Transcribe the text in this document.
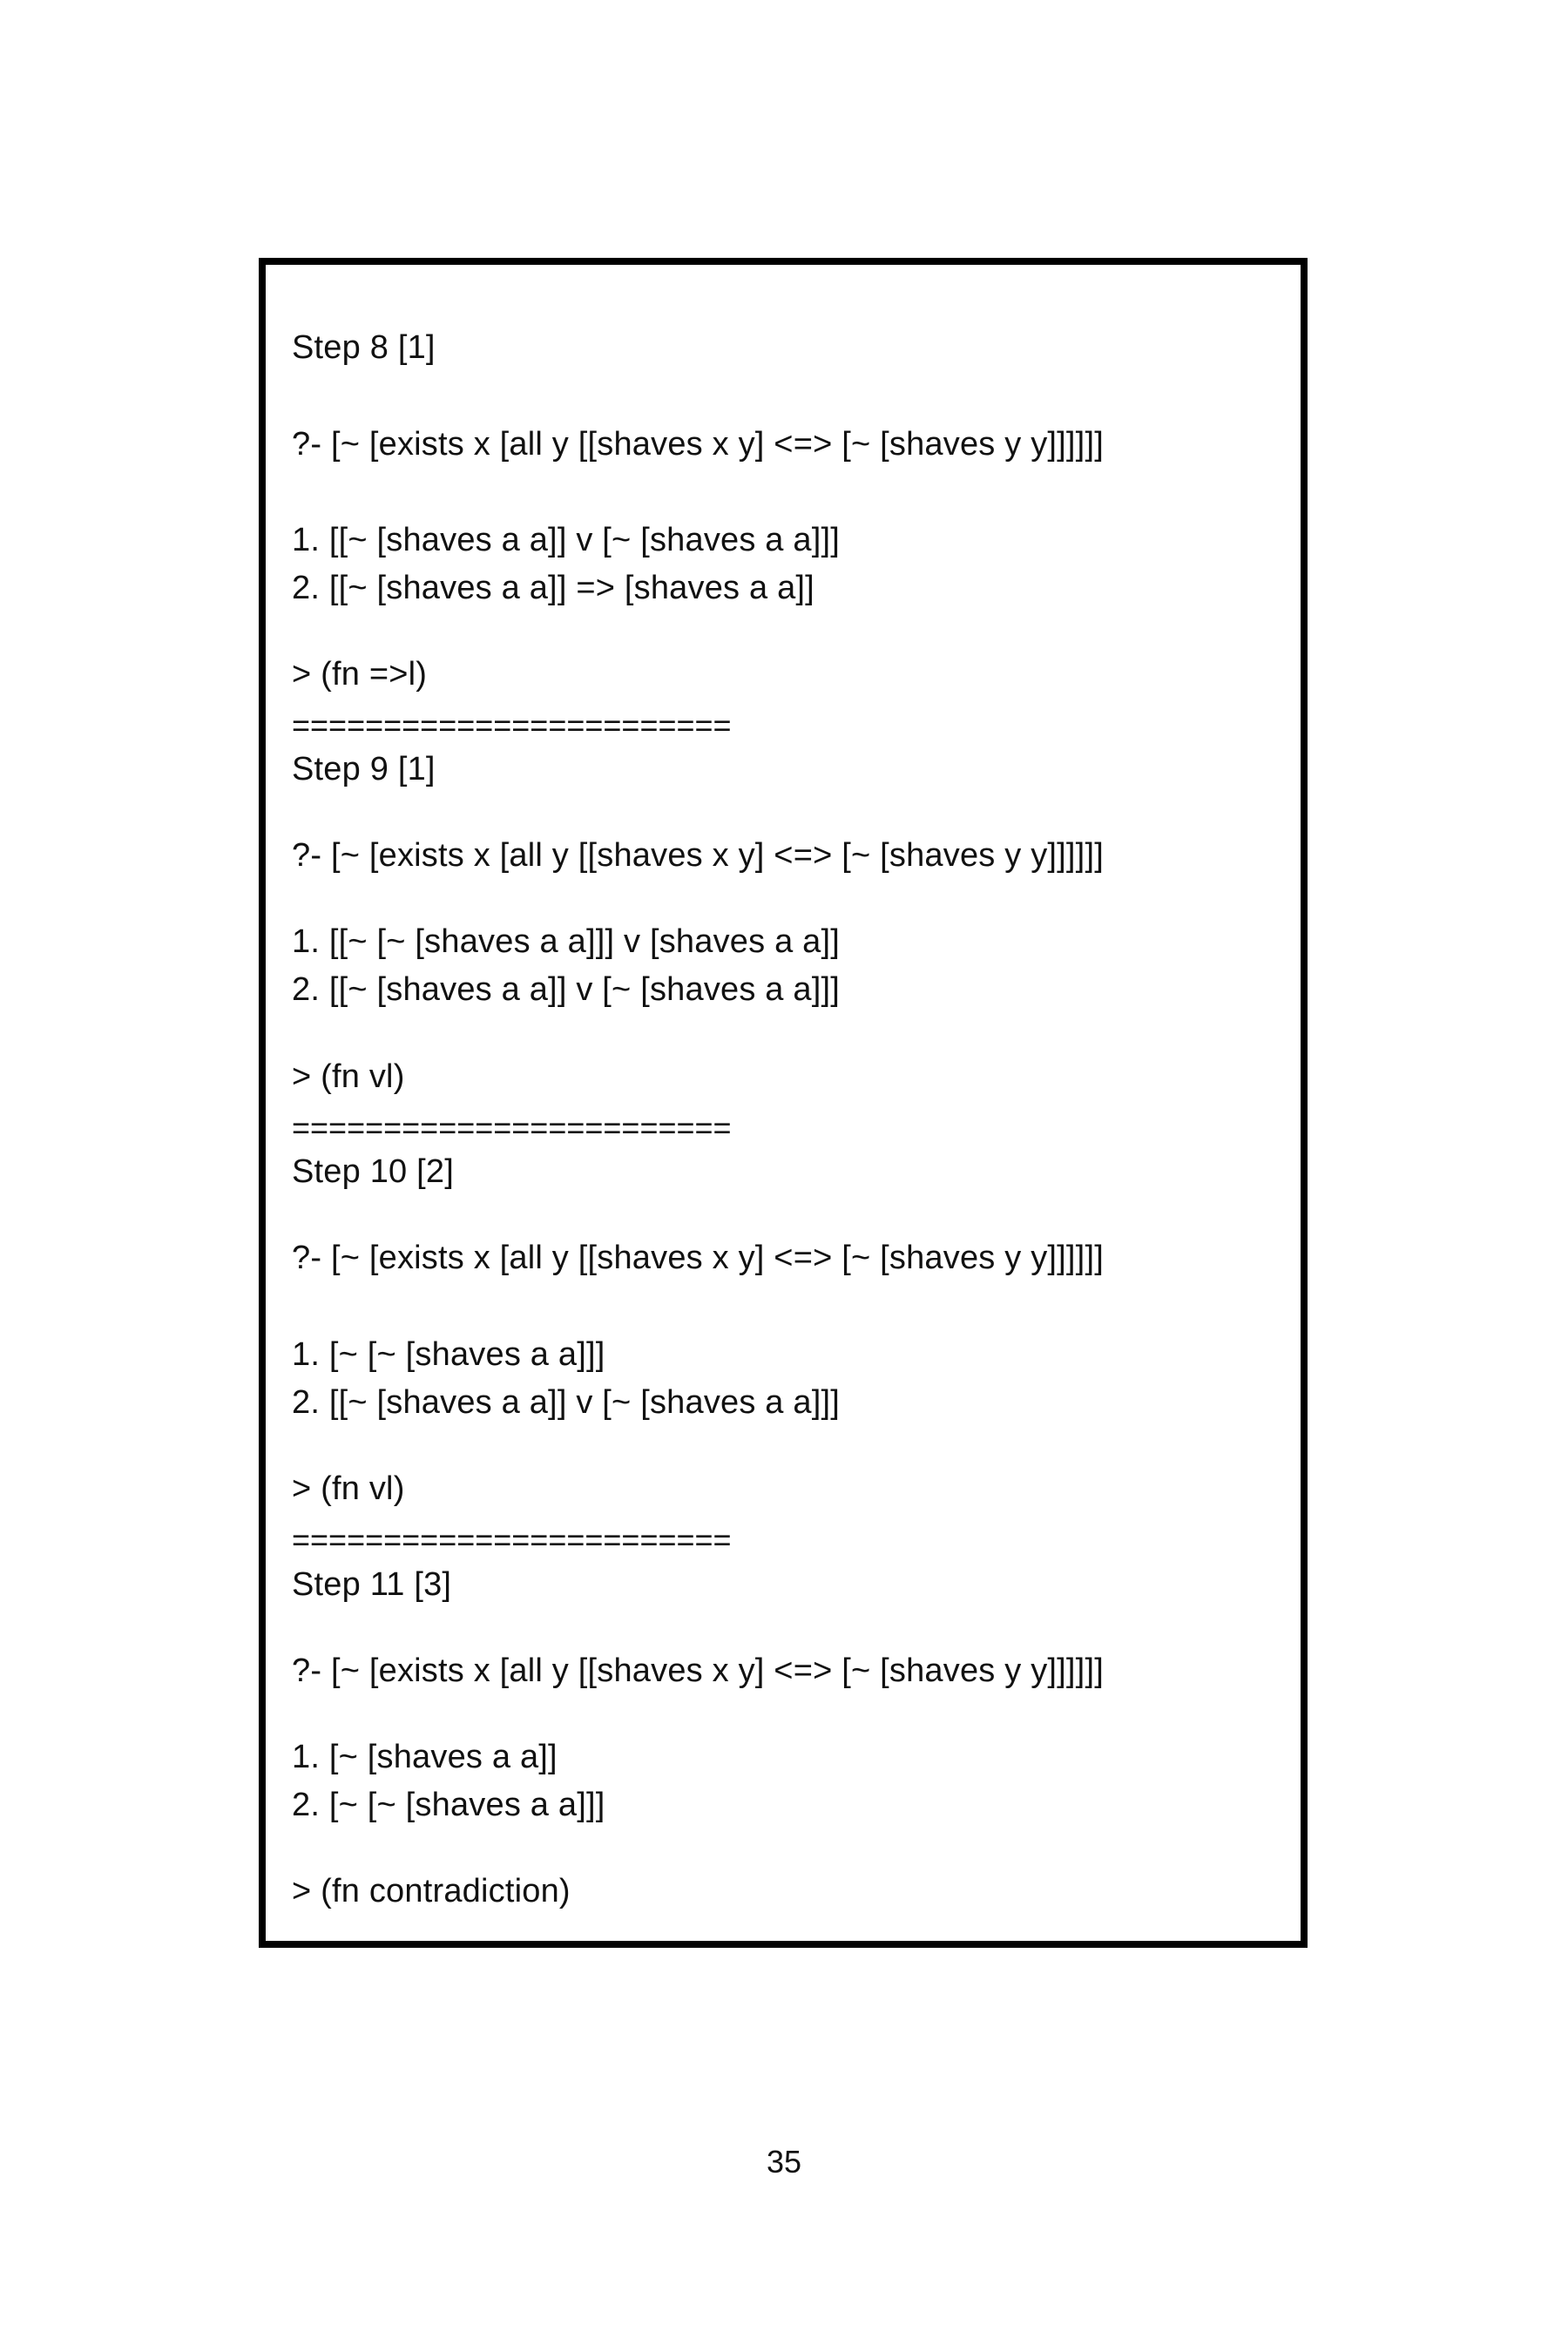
Step 8 [1]
?- [~ [exists x [all y [[shaves x y] <=> [~ [shaves y y]]]]]]
1. [[~ [shaves a a]] v [~ [shaves a a]]]
2. [[~ [shaves a a]] => [shaves a a]]
> (fn =>l)
========================
Step 9 [1]
?- [~ [exists x [all y [[shaves x y] <=> [~ [shaves y y]]]]]]
1. [[~ [~ [shaves a a]]] v [shaves a a]]
2. [[~ [shaves a a]] v [~ [shaves a a]]]
> (fn vl)
========================
Step 10 [2]
?- [~ [exists x [all y [[shaves x y] <=> [~ [shaves y y]]]]]]
1. [~ [~ [shaves a a]]]
2. [[~ [shaves a a]] v [~ [shaves a a]]]
> (fn vl)
========================
Step 11 [3]
?- [~ [exists x [all y [[shaves x y] <=> [~ [shaves y y]]]]]]
1. [~ [shaves a a]]
2. [~ [~ [shaves a a]]]
> (fn contradiction)
35
